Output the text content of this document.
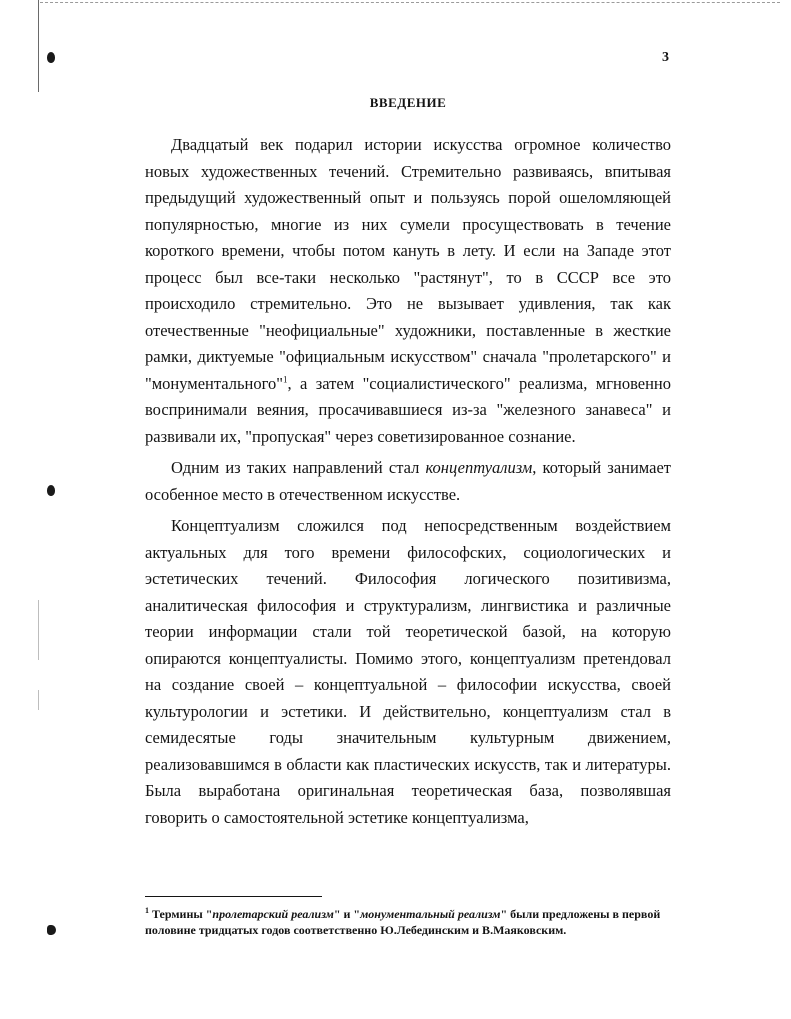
3
ВВЕДЕНИЕ

Двадцатый век подарил истории искусства огромное количество новых художественных течений. Стремительно развиваясь, впитывая предыдущий художественный опыт и пользуясь порой ошеломляющей популярностью, многие из них сумели просуществовать в течение короткого времени, чтобы потом кануть в лету. И если на Западе этот процесс был все-таки несколько "растянут", то в СССР все это происходило стремительно. Это не вызывает удивления, так как отечественные "неофициальные" художники, поставленные в жесткие рамки, диктуемые "официальным искусством" сначала "пролетарского" и "монументального"$^1$, а затем "социалистического" реализма, мгновенно воспринимали веяния, просачивавшиеся из-за "железного занавеса" и развивали их, "пропуская" через советизированное сознание.

Одним из таких направлений стал концептуализм, который занимает особенное место в отечественном искусстве.

Концептуализм сложился под непосредственным воздействием актуальных для того времени философских, социологических и эстетических течений. Философия логического позитивизма, аналитическая философия и структурализм, лингвистика и различные теории информации стали той теоретической базой, на которую опираются концептуалисты. Помимо этого, концептуализм претендовал на создание своей – концептуальной – философии искусства, своей культурологии и эстетики. И действительно, концептуализм стал в семидесятые годы значительным культурным движением, реализовавшимся в области как пластических искусств, так и литературы. Была выработана оригинальная теоретическая база, позволявшая говорить о самостоятельной эстетике концептуализма,

$^1$ Термины "пролетарский реализм" и "монументальный реализм" были предложены в первой половине тридцатых годов соответственно Ю.Лебединским и В.Маяковским.
